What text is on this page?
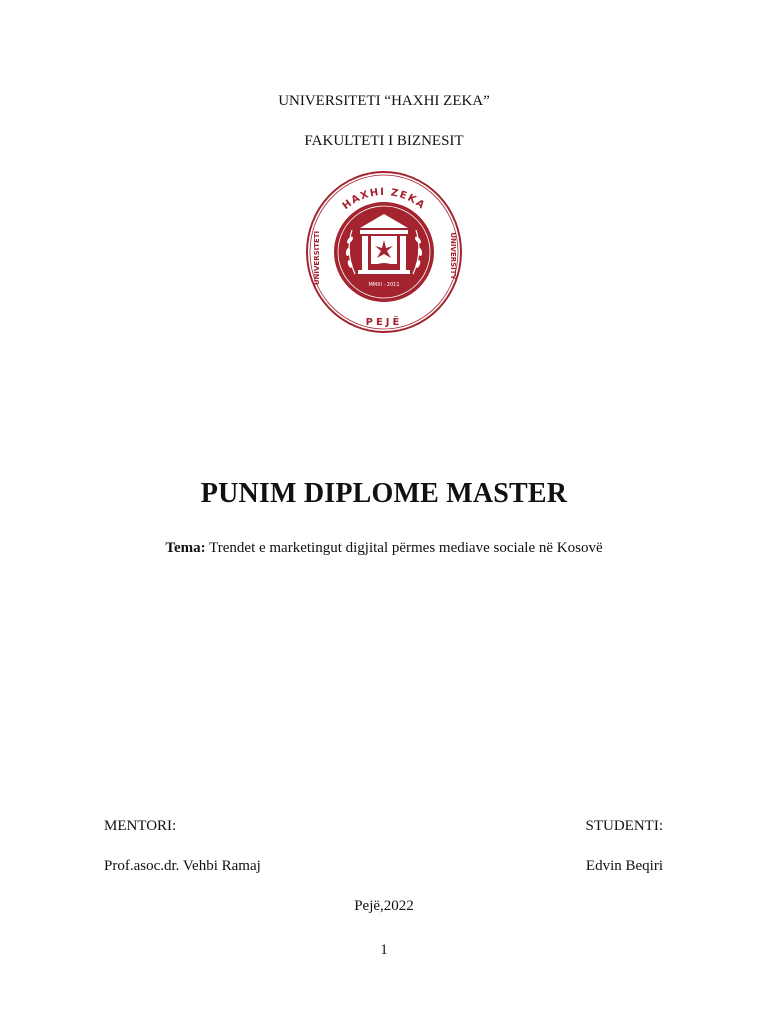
UNIVERSITETI “HAXHI ZEKA”
FAKULTETI I BIZNESIT
MMXI · 2011
HAXHI ZEKA
UNIVERSITETI	UNIVERSITY
PEJË
PUNIM DIPLOME MASTER
Tema: Trendet e marketingut digjital përmes mediave sociale në Kosovë
MENTORI:
Prof.asoc.dr. Vehbi Ramaj
STUDENTI:
Edvin Beqiri
Pejë,2022
1
